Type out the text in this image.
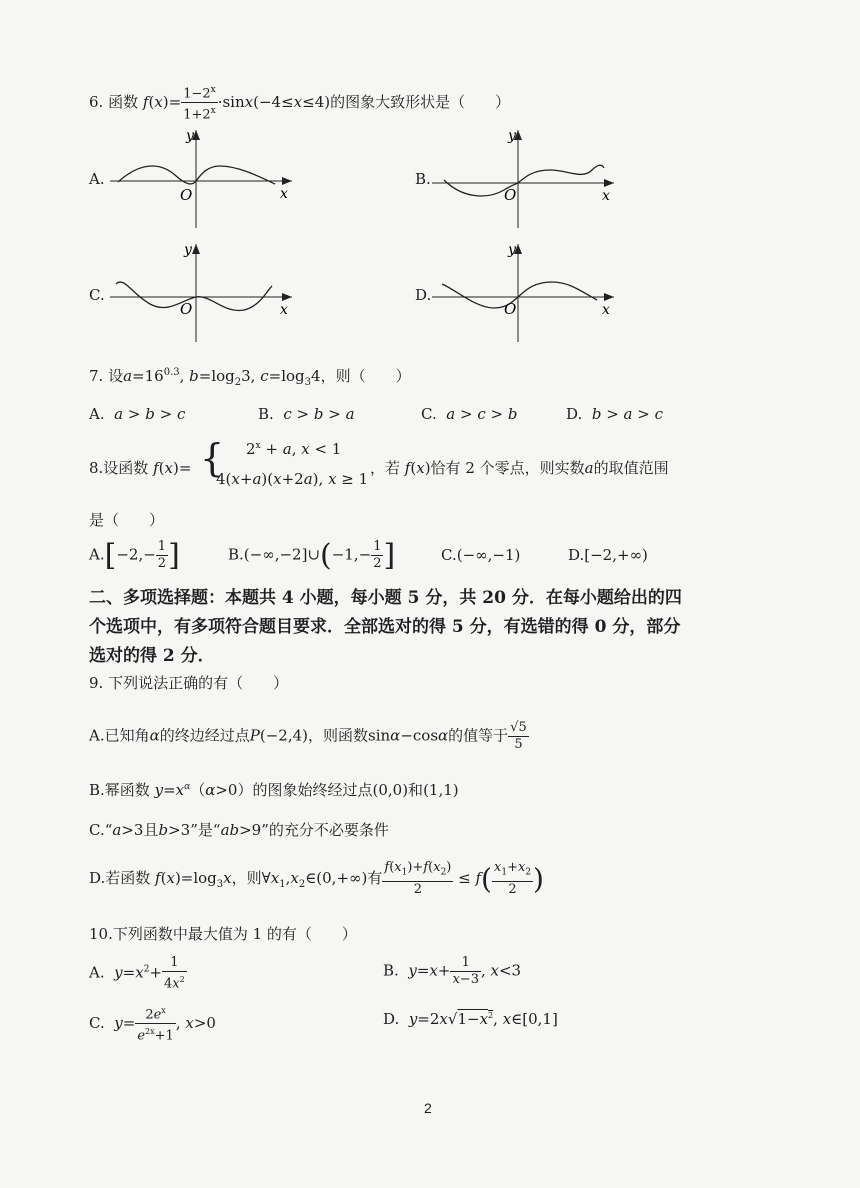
6. 函数 $f(x)= \frac{1-2^x}{1+2^x} \cdot\sin x(-4\le x\le 4)$的图象大致形状是（　　）
A.
y
O	x
B.
y
O	x
C.
y
O	x
D.
y
O	x
7. 设$a=16^{0.3}$, $b=\log_23$, $c=\log_34$，则（　　）
A. a > b > c	B. c > b > a	C. a > c > b	D. b > a > c
8.设函数 f(x)= { $2^x + a$, x < 1
4(x+a)(x+2a), x ≥ 1
，若 f(x)恰有 2 个零点，则实数a的取值范围
是（　　）
$A.[-2,- \frac{1}{2}$ ]	B.(−∞,−2]∪(−1,− $\frac{1}{2}$ ]	C.(−∞,−1)	D.[−2,+∞)
二、多项选择题：本题共 4 小题，每小题 5 分，共 20 分．在每小题给出的四
个选项中，有多项符合题目要求．全部选对的得 5 分，有选错的得 0 分，部分
选对的得 2 分．
9. 下列说法正确的有（　　）
A.已知角α的终边经过点P(−2,4)，则函数sinα−cosα的值等于 $\frac{√5}{5}$
B.幂函数 $y=x^\alpha(\alpha>0)$的图象始终经过点(0,0)和(1,1)
C.“a>3且b>3”是“ab>9”的充分不必要条件
D.若函数 $f(x)=\log_3x$，则$\forall x_1,x_2\in(0,+\infty)$有 $\frac{f(x_1)+f(x_2)}{2} \le f( \frac{x_1+x_2}{2}$ )
10.下列函数中最大值为 1 的有（　　）
A. $y=x^2+ \frac{1}{4x^2}$	B. $y=x+ \frac{1}{x-3}$ , x<3
C. $y= \frac{2e^x}{e^{2x}+1}$ , x>0	D. $y=2x√1-x^2$, x∈[0,1]
2
